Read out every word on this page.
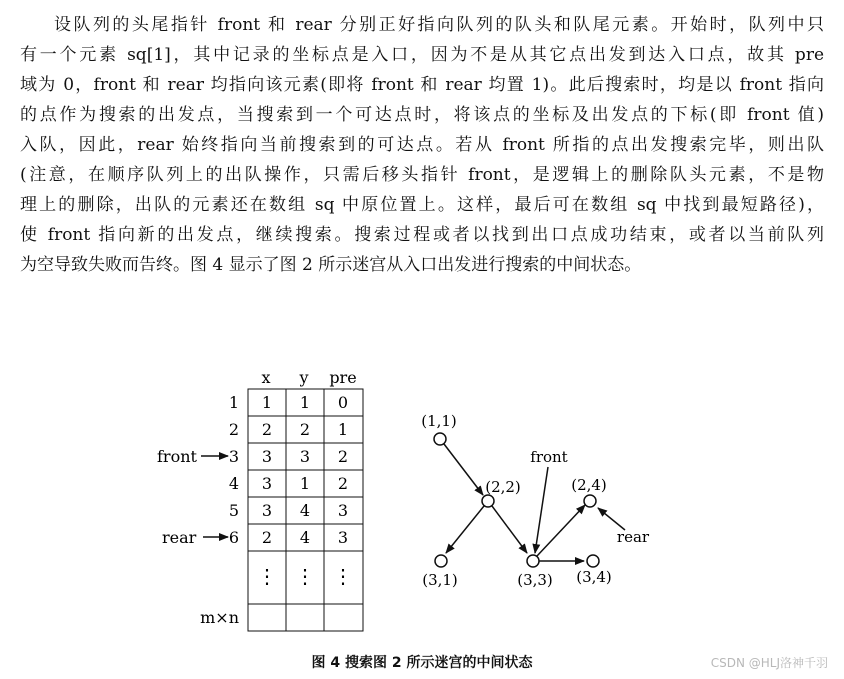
设队列的头尾指针 front 和 rear 分别正好指向队列的队头和队尾元素。开始时，队列中只
有一个元素 sq[1]，其中记录的坐标点是入口，因为不是从其它点出发到达入口点，故其 pre
域为 0，front 和 rear 均指向该元素(即将 front 和 rear 均置 1)。此后搜索时，均是以 front 指向
的点作为搜索的出发点，当搜索到一个可达点时，将该点的坐标及出发点的下标(即 front 值)
入队，因此，rear 始终指向当前搜索到的可达点。若从 front 所指的点出发搜索完毕，则出队
(注意，在顺序队列上的出队操作，只需后移头指针 front，是逻辑上的删除队头元素，不是物
理上的删除，出队的元素还在数组 sq 中原位置上。这样，最后可在数组 sq 中找到最短路径)，
使 front 指向新的出发点，继续搜索。搜索过程或者以找到出口点成功结束，或者以当前队列
为空导致失败而告终。图 4 显示了图 2 所示迷宫从入口出发进行搜索的中间状态。
x y pre
1
2
3
4
5
6
m×n
1 1 0
2 2 1
3 3 2
3 1 2
3 4 3
2 4 3
⋮ ⋮ ⋮
front
rear
(1,1)
(2,2)
(3,1)	(3,3)
(2,4)
(3,4)
front
rear
图 4 搜索图 2 所示迷宫的中间状态	CSDN @HLJ洛神千羽
